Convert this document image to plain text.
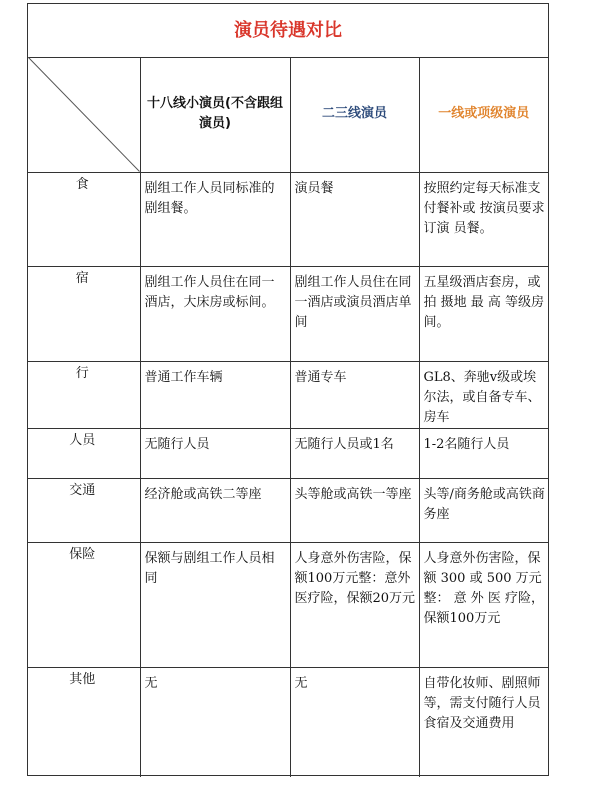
演员待遇对比
	十八线小演员(不含跟组演员)	二三线演员	一线或项级演员
食	剧组工作人员同标准的剧组餐。	演员餐	按照约定每天标准支付餐补或 按演员要求订演 员餐。
宿	剧组工作人员住在同一酒店，大床房或标间。	剧组工作人员住在同一酒店或演员酒店单间	五星级酒店套房，或 拍 摄地 最 高 等级房间。
行	普通工作车辆	普通专车	GL8、奔驰v级或埃尔法，或自备专车、房车
人员	无随行人员	无随行人员或1名	1-2名随行人员
交通	经济舱或高铁二等座	头等舱或高铁一等座	头等/商务舱或高铁商务座
保险	保额与剧组工作人员相同	人身意外伤害险，保额100万元整：意外医疗险，保额20万元	人身意外伤害险，保 额 300 或 500 万元 整： 意 外 医 疗险，保额100万元
其他	无	无	自带化妆师、剧照师等，需支付随行人员食宿及交通费用
